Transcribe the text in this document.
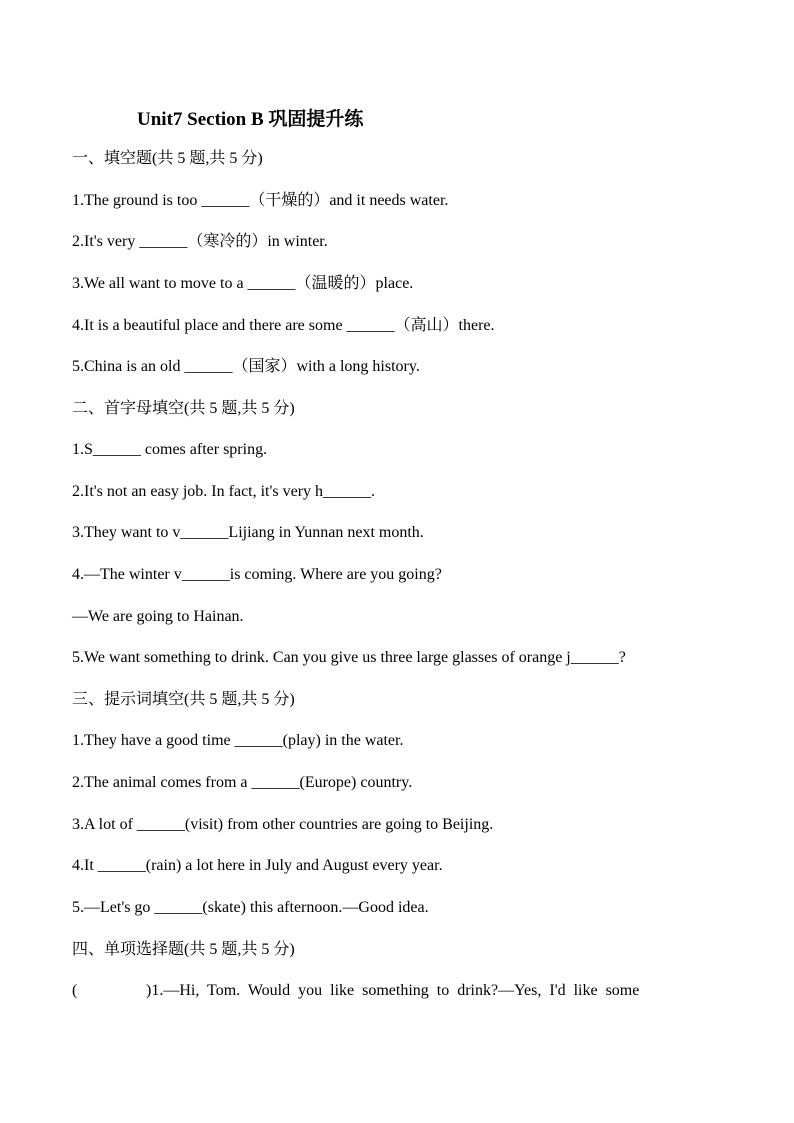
Unit7 Section B 巩固提升练
一、填空题(共 5 题,共 5 分)
1.The ground is too ______（干燥的）and it needs water.
2.It's very ______（寒冷的）in winter.
3.We all want to move to a ______（温暖的）place.
4.It is a beautiful place and there are some ______（高山）there.
5.China is an old ______（国家）with a long history.
二、首字母填空(共 5 题,共 5 分)
1.S______ comes after spring.
2.It's not an easy job. In fact, it's very h______.
3.They want to v______Lijiang in Yunnan next month.
4.—The winter v______is coming. Where are you going?
—We are going to Hainan.
5.We want something to drink. Can you give us three large glasses of orange j______?
三、提示词填空(共 5 题,共 5 分)
1.They have a good time ______(play) in the water.
2.The animal comes from a ______(Europe) country.
3.A lot of ______(visit) from other countries are going to Beijing.
4.It ______(rain) a lot here in July and August every year.
5.—Let's go ______(skate) this afternoon.—Good idea.
四、单项选择题(共 5 题,共 5 分)
(	)1.—Hi,  Tom.  Would  you  like  something  to  drink?—Yes,  I'd  like  some
